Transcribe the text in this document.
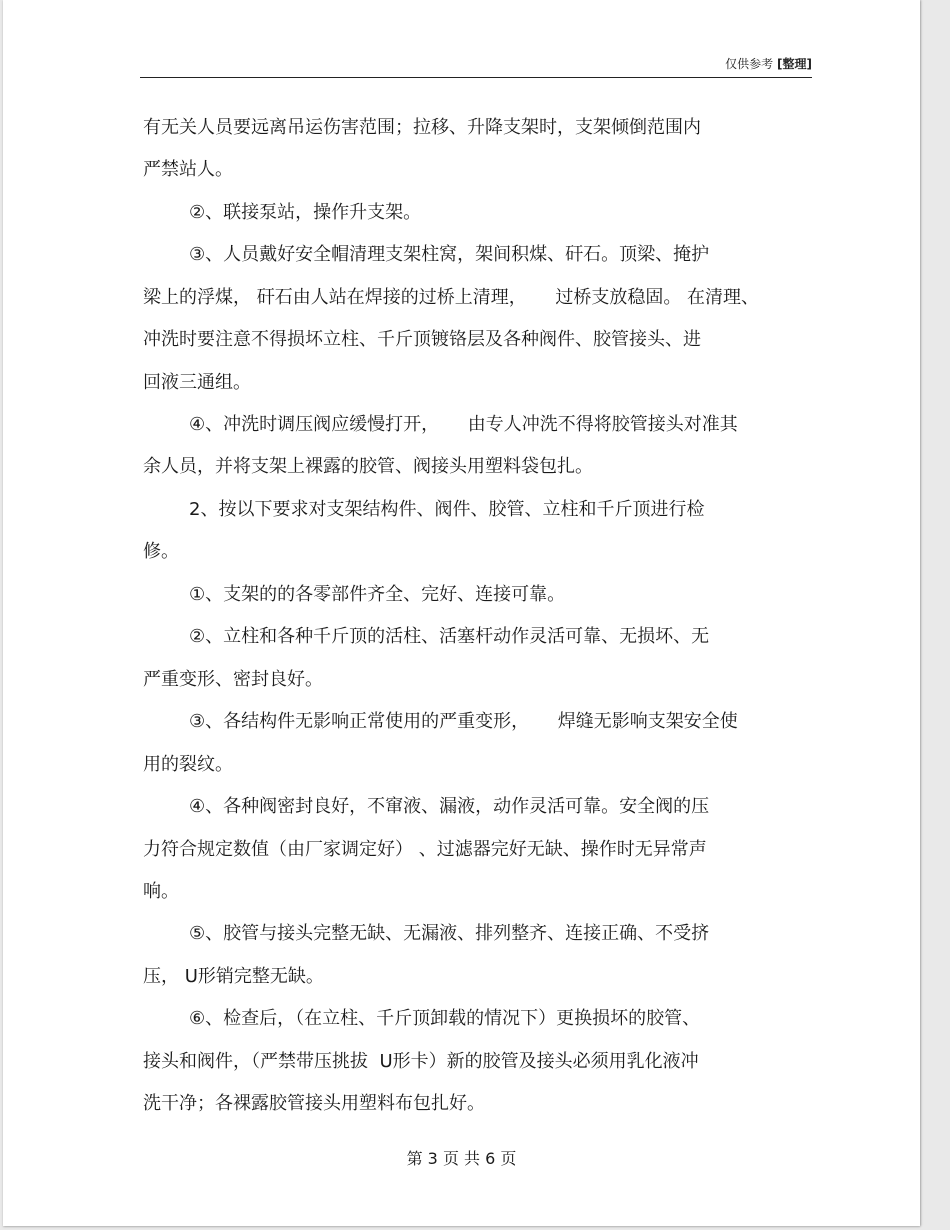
仅供参考 [整理]
有无关人员要远离吊运伤害范围；拉移、升降支架时，支架倾倒范围内
严禁站人。
②、联接泵站，操作升支架。
③、人员戴好安全帽清理支架柱窝，架间积煤、矸石。顶梁、掩护
梁上的浮煤， 矸石由人站在焊接的过桥上清理，     过桥支放稳固。 在清理、
冲洗时要注意不得损坏立柱、千斤顶镀铬层及各种阀件、胶管接头、进
回液三通组。
④、冲洗时调压阀应缓慢打开，     由专人冲洗不得将胶管接头对准其
余人员，并将支架上裸露的胶管、阀接头用塑料袋包扎。
2、按以下要求对支架结构件、阀件、胶管、立柱和千斤顶进行检
修。
①、支架的的各零部件齐全、完好、连接可靠。
②、立柱和各种千斤顶的活柱、活塞杆动作灵活可靠、无损坏、无
严重变形、密封良好。
③、各结构件无影响正常使用的严重变形，     焊缝无影响支架安全使
用的裂纹。
④、各种阀密封良好，不窜液、漏液，动作灵活可靠。安全阀的压
力符合规定数值（由厂家调定好） 、过滤器完好无缺、操作时无异常声
响。
⑤、胶管与接头完整无缺、无漏液、排列整齐、连接正确、不受挤
压， U形销完整无缺。
⑥、检查后，（在立柱、千斤顶卸载的情况下）更换损坏的胶管、
接头和阀件，（严禁带压挑拔  U形卡）新的胶管及接头必须用乳化液冲
洗干净；各裸露胶管接头用塑料布包扎好。
第 3 页 共 6 页
